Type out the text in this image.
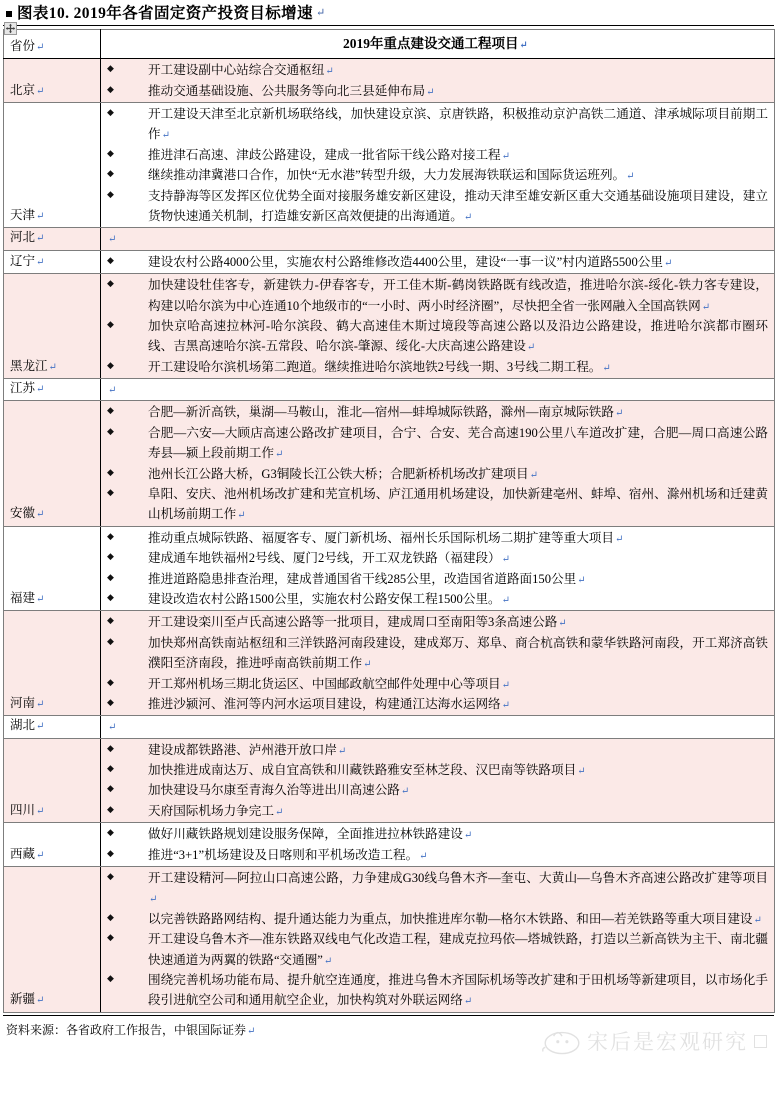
图表10. 2019年各省固定资产投资目标增速 ↵
省份↵	2019年重点建设交通工程项目↵

北京↵	
◆	开工建设副中心站综合交通枢纽↵
◆	推动交通基础设施、公共服务等向北三县延伸布局↵

天津↵	
◆	开工建设天津至北京新机场联络线，加快建设京滨、京唐铁路，积极推动京沪高铁二通道、津承城际项目前期工作↵
◆	推进津石高速、津歧公路建设，建成一批省际干线公路对接工程↵
◆	继续推动津冀港口合作，加快“无水港”转型升级，大力发展海铁联运和国际货运班列。↵
◆	支持静海等区发挥区位优势全面对接服务雄安新区建设，推动天津至雄安新区重大交通基础设施项目建设，建立货物快速通关机制，打造雄安新区高效便捷的出海通道。↵

河北↵	↵

辽宁↵	◆	建设农村公路4000公里，实施农村公路维修改造4400公里，建设“一事一议”村内道路5500公里↵

黑龙江↵	
◆	加快建设牡佳客专，新建铁力-伊春客专，开工佳木斯-鹤岗铁路既有线改造，推进哈尔滨-绥化-铁力客专建设，构建以哈尔滨为中心连通10个地级市的“一小时、两小时经济圈”，尽快把全省一张网融入全国高铁网↵
◆	加快京哈高速拉林河-哈尔滨段、鹤大高速佳木斯过境段等高速公路以及沿边公路建设，推进哈尔滨都市圈环线、吉黑高速哈尔滨-五常段、哈尔滨-肇源、绥化-大庆高速公路建设↵
◆	开工建设哈尔滨机场第二跑道。继续推进哈尔滨地铁2号线一期、3号线二期工程。↵

江苏↵	↵

安徽↵	
◆	合肥—新沂高铁，巢湖—马鞍山，淮北—宿州—蚌埠城际铁路，滁州—南京城际铁路↵
◆	合肥—六安—大顾店高速公路改扩建项目，合宁、合安、芜合高速190公里八车道改扩建，合肥—周口高速公路寿县—颍上段前期工作↵
◆	池州长江公路大桥，G3铜陵长江公铁大桥；合肥新桥机场改扩建项目↵
◆	阜阳、安庆、池州机场改扩建和芜宣机场、庐江通用机场建设，加快新建亳州、蚌埠、宿州、滁州机场和迁建黄山机场前期工作↵

福建↵	
◆	推动重点城际铁路、福厦客专、厦门新机场、福州长乐国际机场二期扩建等重大项目↵
◆	建成通车地铁福州2号线、厦门2号线，开工双龙铁路（福建段）↵
◆	推进道路隐患排查治理，建成普通国省干线285公里，改造国省道路面150公里↵
◆	建设改造农村公路1500公里，实施农村公路安保工程1500公里。↵

河南↵	
◆	开工建设栾川至卢氏高速公路等一批项目，建成周口至南阳等3条高速公路↵
◆	加快郑州高铁南站枢纽和三洋铁路河南段建设，建成郑万、郑阜、商合杭高铁和蒙华铁路河南段，开工郑济高铁濮阳至济南段，推进呼南高铁前期工作↵
◆	开工郑州机场三期北货运区、中国邮政航空邮件处理中心等项目↵
◆	推进沙颍河、淮河等内河水运项目建设，构建通江达海水运网络↵

湖北↵	↵

四川↵	
◆	建设成都铁路港、泸州港开放口岸↵
◆	加快推进成南达万、成自宜高铁和川藏铁路雅安至林芝段、汉巴南等铁路项目↵
◆	加快建设马尔康至青海久治等进出川高速公路↵
◆	天府国际机场力争完工↵

西藏↵	
◆	做好川藏铁路规划建设服务保障，全面推进拉林铁路建设↵
◆	推进“3+1”机场建设及日喀则和平机场改造工程。↵

新疆↵	
◆	开工建设精河—阿拉山口高速公路，力争建成G30线乌鲁木齐—奎屯、大黄山—乌鲁木齐高速公路改扩建等项目↵
◆	以完善铁路路网结构、提升通达能力为重点，加快推进库尔勒—格尔木铁路、和田—若羌铁路等重大项目建设↵
◆	开工建设乌鲁木齐—准东铁路双线电气化改造工程，建成克拉玛依—塔城铁路，打造以兰新高铁为主干、南北疆快速通道为两翼的铁路“交通圈”↵
◆	围绕完善机场功能布局、提升航空连通度，推进乌鲁木齐国际机场等改扩建和于田机场等新建项目，以市场化手段引进航空公司和通用航空企业，加快构筑对外联运网络↵
资料来源：各省政府工作报告，中银国际证券↵	宋后是宏观研究
